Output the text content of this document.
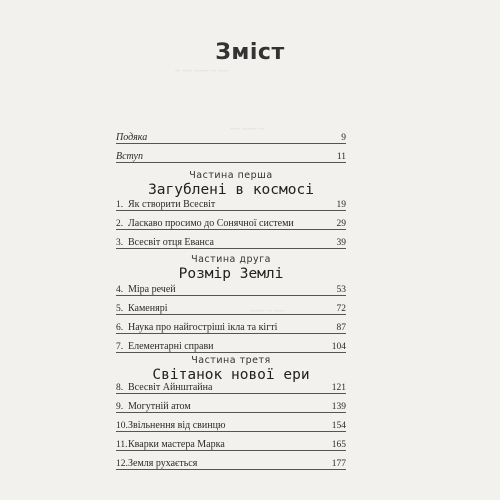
~ ~~ ~~~ ~ ~~
~~ ~~~ ~
~~~ ~ ~~
Зміст
Подяка	9
Вступ	11
Частина перша
Загублені в космосі
1. Як створити Всесвіт	19
2. Ласкаво просимо до Сонячної системи	29
3. Всесвіт отця Еванса	39
Частина друга
Розмір Землі
4. Міра речей	53
5. Каменярі	72
6. Наука про найгостріші ікла та кігті	87
7. Елементарні справи	104
Частина третя
Світанок нової ери
8. Всесвіт Айнштайна	121
9. Могутній атом	139
10. Звільнення від свинцю	154
11. Кварки мастера Марка	165
12. Земля рухається	177
